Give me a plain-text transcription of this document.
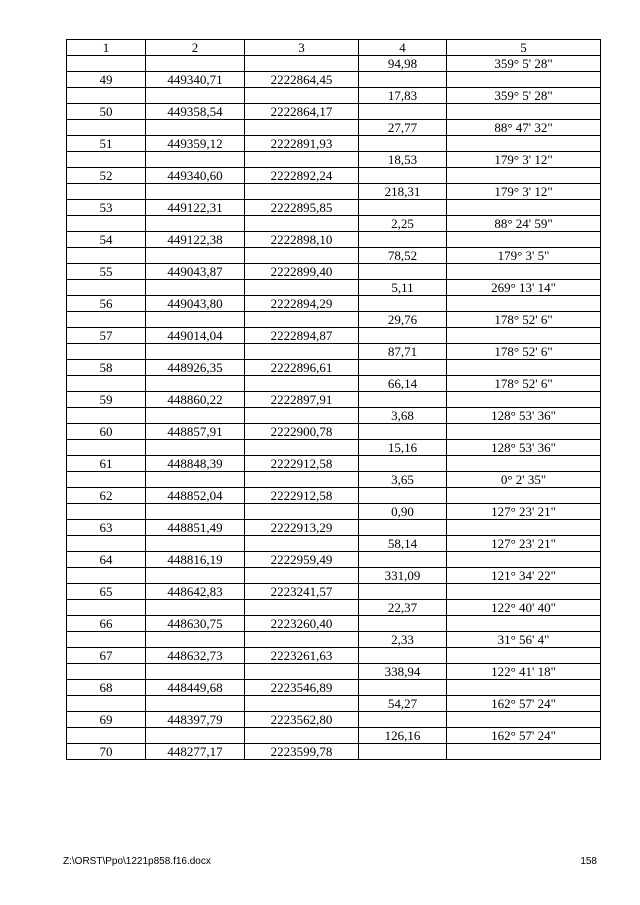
1	2	3	4	5
			94,98	359° 5' 28"
49	449340,71	2222864,45		
			17,83	359° 5' 28"
50	449358,54	2222864,17		
			27,77	88° 47' 32"
51	449359,12	2222891,93		
			18,53	179° 3' 12"
52	449340,60	2222892,24		
			218,31	179° 3' 12"
53	449122,31	2222895,85		
			2,25	88° 24' 59"
54	449122,38	2222898,10		
			78,52	179° 3' 5"
55	449043,87	2222899,40		
			5,11	269° 13' 14"
56	449043,80	2222894,29		
			29,76	178° 52' 6"
57	449014,04	2222894,87		
			87,71	178° 52' 6"
58	448926,35	2222896,61		
			66,14	178° 52' 6"
59	448860,22	2222897,91		
			3,68	128° 53' 36"
60	448857,91	2222900,78		
			15,16	128° 53' 36"
61	448848,39	2222912,58		
			3,65	0° 2' 35"
62	448852,04	2222912,58		
			0,90	127° 23' 21"
63	448851,49	2222913,29		
			58,14	127° 23' 21"
64	448816,19	2222959,49		
			331,09	121° 34' 22"
65	448642,83	2223241,57		
			22,37	122° 40' 40"
66	448630,75	2223260,40		
			2,33	31° 56' 4"
67	448632,73	2223261,63		
			338,94	122° 41' 18"
68	448449,68	2223546,89		
			54,27	162° 57' 24"
69	448397,79	2223562,80		
			126,16	162° 57' 24"
70	448277,17	2223599,78		
Z:\ORST\Ppo\1221p858.f16.docx	158
